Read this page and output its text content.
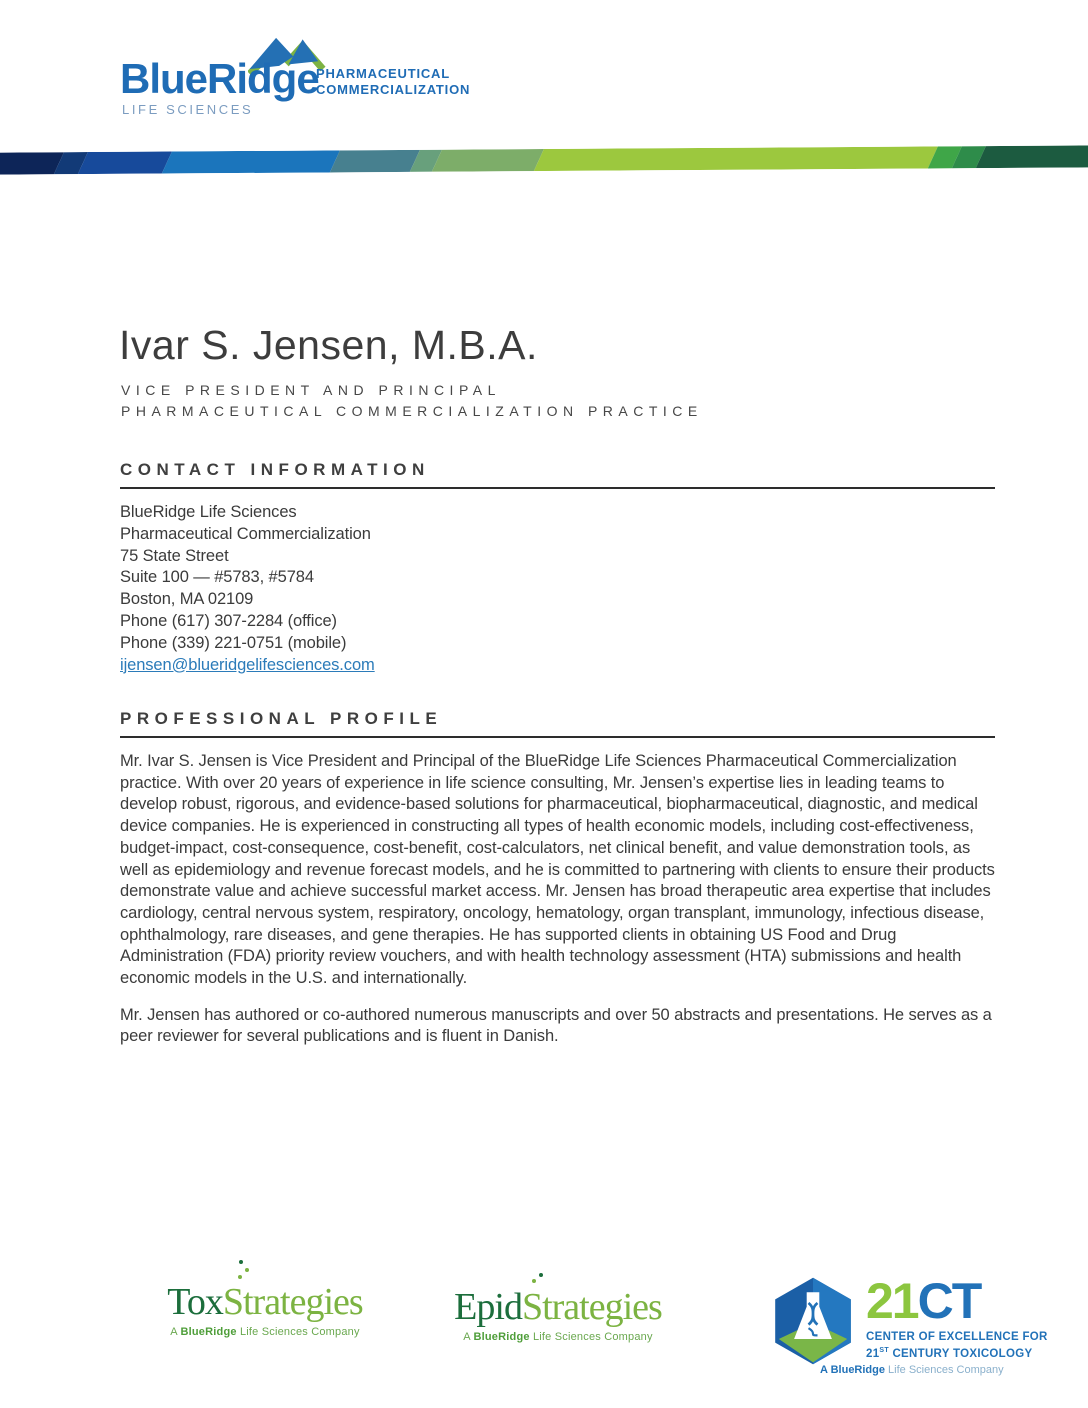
BlueRidge
LIFE SCIENCES
PHARMACEUTICAL
COMMERCIALIZATION
Ivar S. Jensen, M.B.A.
VICE PRESIDENT AND PRINCIPAL
PHARMACEUTICAL COMMERCIALIZATION PRACTICE
CONTACT INFORMATION
BlueRidge Life Sciences
Pharmaceutical Commercialization
75 State Street
Suite 100 — #5783, #5784
Boston, MA 02109
Phone (617) 307-2284 (office)
Phone (339) 221-0751 (mobile)
ijensen@blueridgelifesciences.com
PROFESSIONAL PROFILE

Mr. Ivar S. Jensen is Vice President and Principal of the BlueRidge Life Sciences Pharmaceutical Commercialization practice. With over 20 years of experience in life science consulting, Mr. Jensen’s expertise lies in leading teams to develop robust, rigorous, and evidence-based solutions for pharmaceutical, biopharmaceutical, diagnostic, and medical device companies. He is experienced in constructing all types of health economic models, including cost-effectiveness, budget-impact, cost-consequence, cost-benefit, cost-calculators, net clinical benefit, and value demonstration tools, as well as epidemiology and revenue forecast models, and he is committed to partnering with clients to ensure their products demonstrate value and achieve successful market access. Mr. Jensen has broad therapeutic area expertise that includes cardiology, central nervous system, respiratory, oncology, hematology, organ transplant, immunology, infectious disease, ophthalmology, rare diseases, and gene therapies. He has supported clients in obtaining US Food and Drug Administration (FDA) priority review vouchers, and with health technology assessment (HTA) submissions and health economic models in the U.S. and internationally.

Mr. Jensen has authored or co-authored numerous manuscripts and over 50 abstracts and presentations. He serves as a peer reviewer for several publications and is fluent in Danish.

ToxStrategies
A BlueRidge Life Sciences Company
EpidStrategies
A BlueRidge Life Sciences Company
21CT
CENTER OF EXCELLENCE FOR
21ST CENTURY TOXICOLOGY
A BlueRidge Life Sciences Company
